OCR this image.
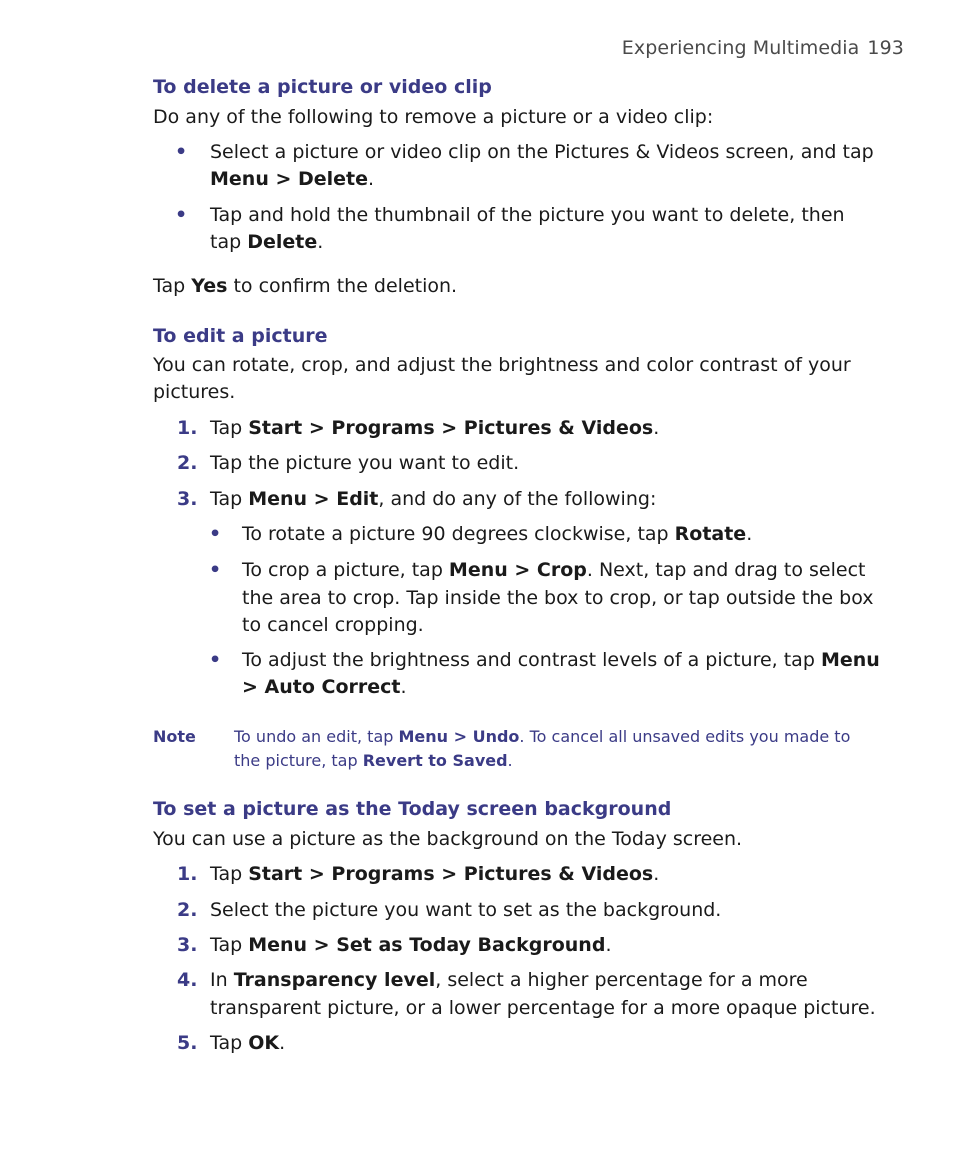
Experiencing Multimedia 193
To delete a picture or video clip
Do any of the following to remove a picture or a video clip:
• Select a picture or video clip on the Pictures & Videos screen, and tap
Menu > Delete.
• Tap and hold the thumbnail of the picture you want to delete, then
tap Delete.
Tap Yes to confirm the deletion.
To edit a picture
You can rotate, crop, and adjust the brightness and color contrast of your
pictures.
1. Tap Start > Programs > Pictures & Videos.
2. Tap the picture you want to edit.
3. Tap Menu > Edit, and do any of the following:
• To rotate a picture 90 degrees clockwise, tap Rotate.
• To crop a picture, tap Menu > Crop. Next, tap and drag to select
the area to crop. Tap inside the box to crop, or tap outside the box
to cancel cropping.
• To adjust the brightness and contrast levels of a picture, tap Menu
> Auto Correct.
Note To undo an edit, tap Menu > Undo. To cancel all unsaved edits you made to
the picture, tap Revert to Saved.
To set a picture as the Today screen background
You can use a picture as the background on the Today screen.
1. Tap Start > Programs > Pictures & Videos.
2. Select the picture you want to set as the background.
3. Tap Menu > Set as Today Background.
4. In Transparency level, select a higher percentage for a more
transparent picture, or a lower percentage for a more opaque picture.
5. Tap OK.
